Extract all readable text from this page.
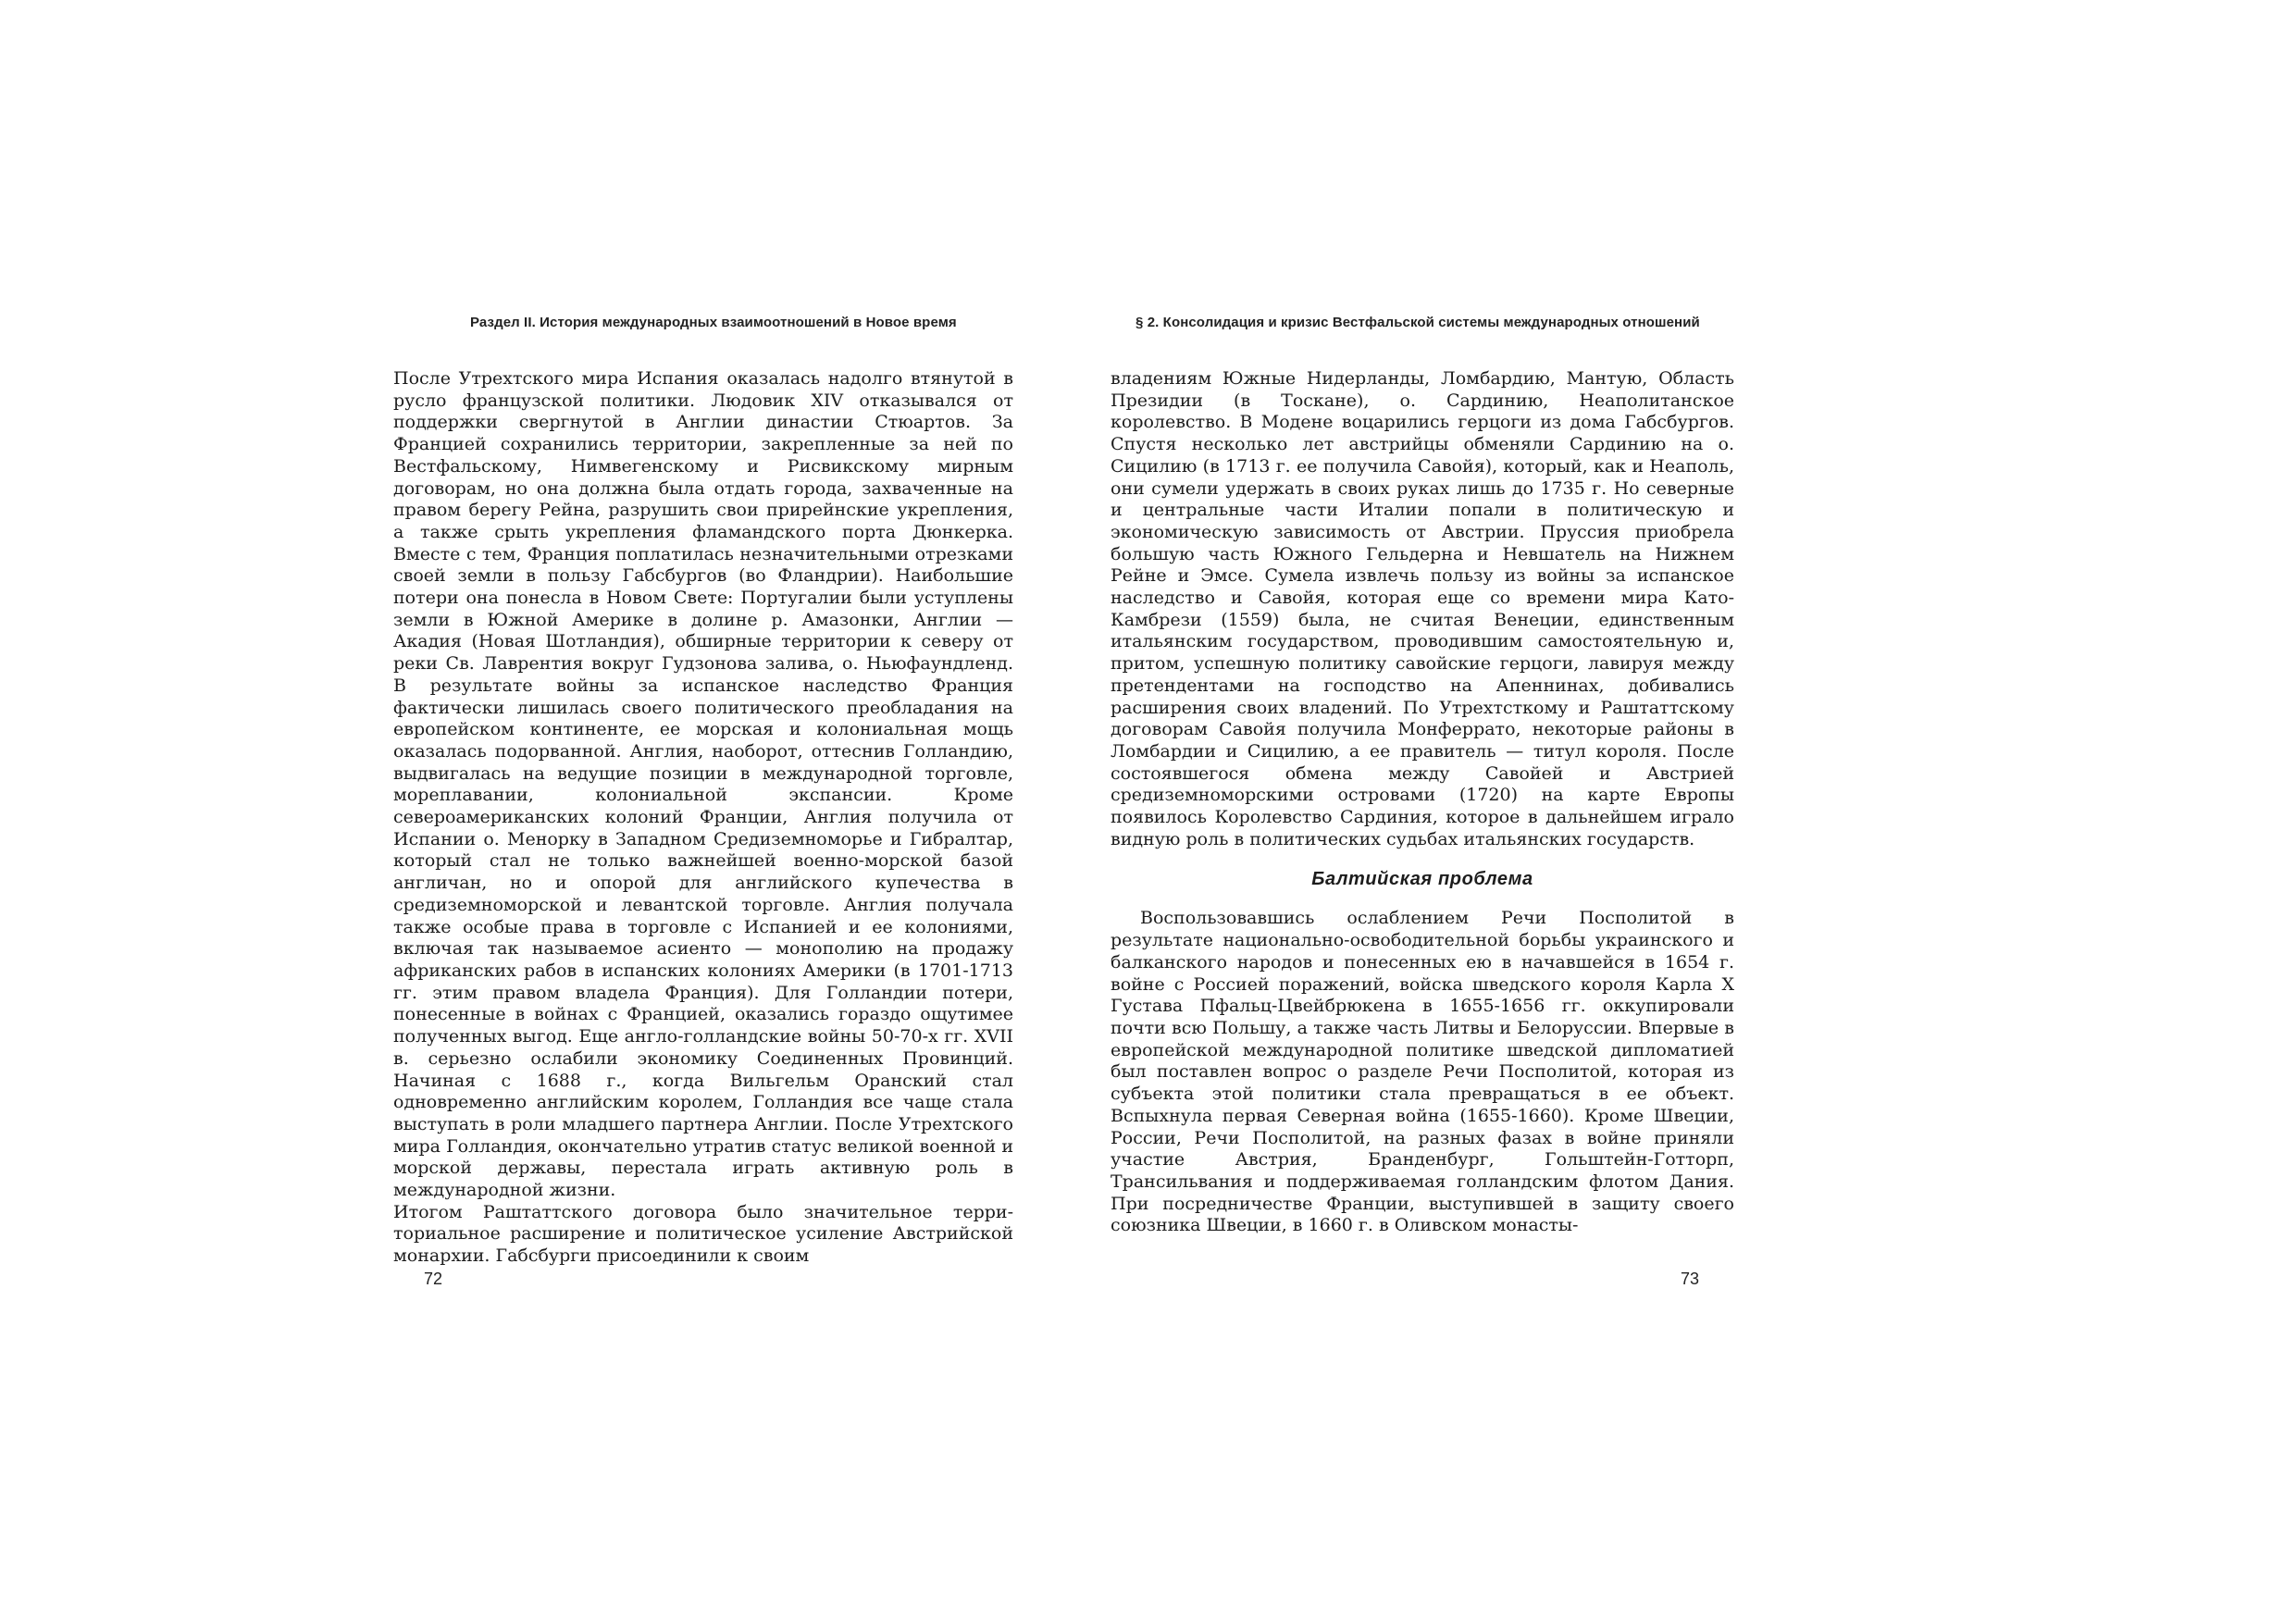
Раздел II. История международных взаимоотношений в Новое время

После Утрехтского мира Испания оказалась надолго втянутой в русло французской политики. Людовик XIV отказывался от поддержки свергнутой в Англии династии Стюартов. За Францией сохранились территории, закрепленные за ней по Вестфальскому, Нимвегенскому и Рисвикскому мирным договорам, но она должна была отдать города, захваченные на правом берегу Рейна, разрушить свои прирейнские укрепления, а также срыть укрепления фламандского порта Дюнкерка. Вместе с тем, Франция поплатилась незначительными отрезками своей земли в пользу Габсбургов (во Фландрии). Наибольшие потери она понесла в Новом Свете: Португалии были уступлены земли в Южной Америке в долине р. Амазонки, Англии — Акадия (Новая Шотландия), обширные территории к северу от реки Св. Лаврентия вокруг Гудзонова залива, о. Ньюфаундленд. В результате войны за испанское наследство Франция фактически лишилась своего политического преобладания на европейском континенте, ее морская и колониальная мощь оказалась подорванной. Англия, наоборот, оттеснив Голландию, выдвигалась на ведущие позиции в международной торговле, мореплавании, колониальной экспансии. Кроме североамериканских колоний Франции, Англия получила от Испании о. Менорку в Западном Средиземноморье и Гибралтар, который стал не только важнейшей военно-морской базой англичан, но и опорой для английского купечества в средиземноморской и левантской торговле. Англия получала также особые права в торговле с Испанией и ее колониями, включая так называемое асиенто — монополию на продажу африканских рабов в испанских колониях Америки (в 1701-1713 гг. этим правом владела Франция). Для Голландии потери, понесенные в войнах с Францией, оказались гораздо ощутимее полученных выгод. Еще англо-голландские войны 50-70-х гг. XVII в. серьезно ослабили экономику Соединенных Провинций. Начиная с 1688 г., когда Вильгельм Оранский стал одновременно английским королем, Голландия все чаще стала выступать в роли младшего партнера Англии. После Утрехтского мира Голландия, окончательно утратив статус великой военной и морской державы, перестала играть активную роль в международной жизни.

Итогом Раштаттского договора было значительное терри-ториальное расширение и политическое усиление Австрийской монархии. Габсбурги присоединили к своим

72
§ 2. Консолидация и кризис Вестфальской системы международных отношений

владениям Южные Нидерланды, Ломбардию, Мантую, Область Президии (в Тоскане), о. Сардинию, Неаполитанское королевство. В Модене воцарились герцоги из дома Габсбургов. Спустя несколько лет австрийцы обменяли Сардинию на о. Сицилию (в 1713 г. ее получила Савойя), который, как и Неаполь, они сумели удержать в своих руках лишь до 1735 г. Но северные и центральные части Италии попали в политическую и экономическую зависимость от Австрии. Пруссия приобрела большую часть Южного Гельдерна и Невшатель на Нижнем Рейне и Эмсе. Сумела извлечь пользу из войны за испанское наследство и Савойя, которая еще со времени мира Като-Камбрези (1559) была, не считая Венеции, единственным итальянским государством, проводившим самостоятельную и, притом, успешную политику савойские герцоги, лавируя между претендентами на господство на Апеннинах, добивались расширения своих владений. По Утрехтсткому и Раштаттскому договорам Савойя получила Монферрато, некоторые районы в Ломбардии и Сицилию, а ее правитель — титул короля. После состоявшегося обмена между Савойей и Австрией средиземноморскими островами (1720) на карте Европы появилось Королевство Сардиния, которое в дальнейшем играло видную роль в политических судьбах итальянских государств.

Балтийская проблема

Воспользовавшись ослаблением Речи Посполитой в результате национально-освободительной борьбы украинского и балканского народов и понесенных ею в начавшейся в 1654 г. войне с Россией поражений, войска шведского короля Карла X Густава Пфальц-Цвейбрюкена в 1655-1656 гг. оккупировали почти всю Польшу, а также часть Литвы и Белоруссии. Впервые в европейской международной политике шведской дипломатией был поставлен вопрос о разделе Речи Посполитой, которая из субъекта этой политики стала превращаться в ее объект. Вспыхнула первая Северная война (1655-1660). Кроме Швеции, России, Речи Посполитой, на разных фазах в войне приняли участие Австрия, Бранденбург, Гольштейн-Готторп, Трансильвания и поддерживаемая голландским флотом Дания. При посредничестве Франции, выступившей в защиту своего союзника Швеции, в 1660 г. в Оливском монасты-

73
